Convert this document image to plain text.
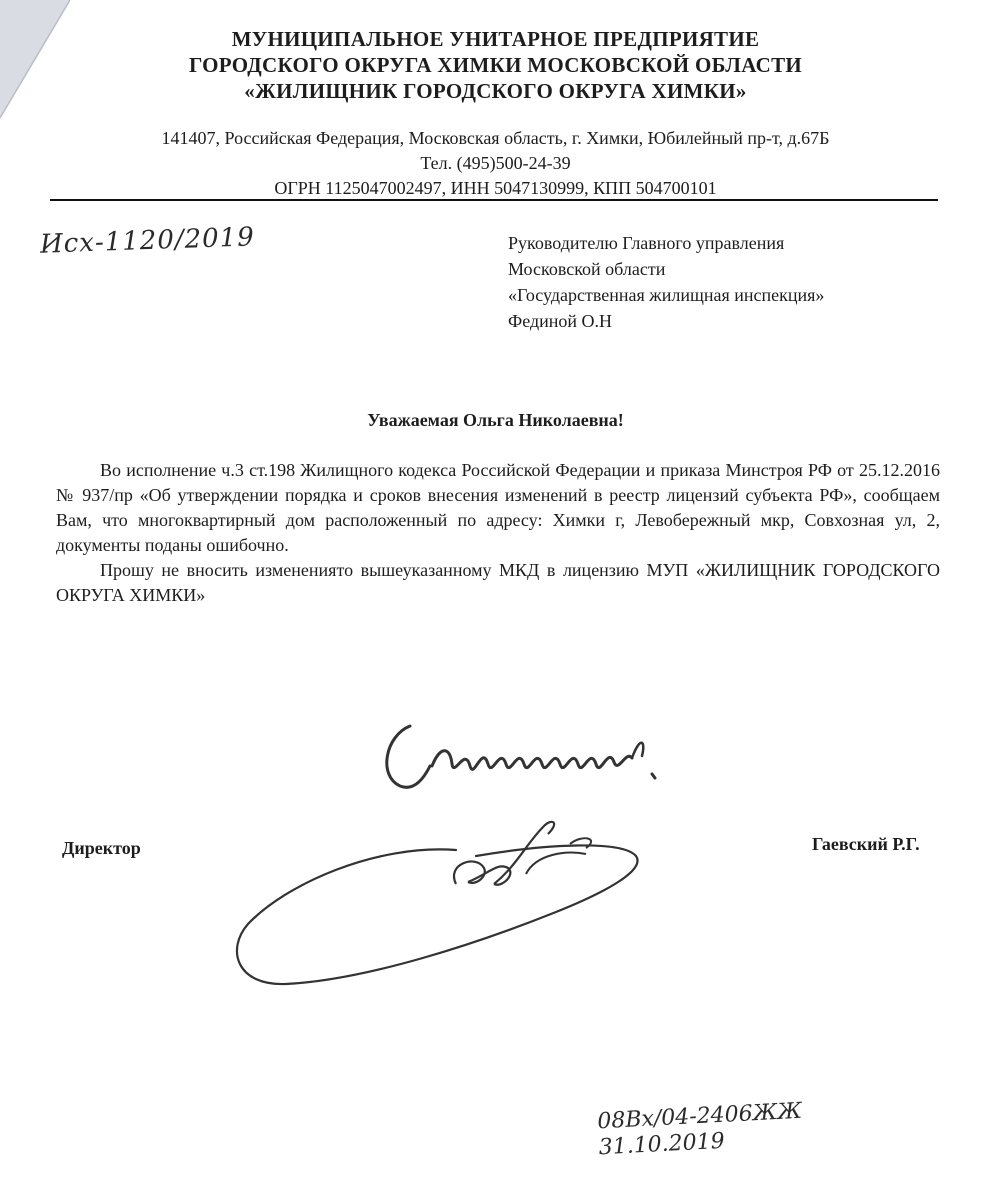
МУНИЦИПАЛЬНОЕ УНИТАРНОЕ ПРЕДПРИЯТИЕ
ГОРОДСКОГО ОКРУГА ХИМКИ МОСКОВСКОЙ ОБЛАСТИ
«ЖИЛИЩНИК ГОРОДСКОГО ОКРУГА ХИМКИ»
141407, Российская Федерация, Московская область, г. Химки, Юбилейный пр-т, д.67Б
Тел. (495)500-24-39
ОГРН 1125047002497, ИНН 5047130999, КПП 504700101
Исх-1120/2019	Руководителю Главного управления
Московской области
«Государственная жилищная инспекция»
Фединой О.Н
Уважаемая Ольга Николаевна!

Во исполнение ч.3 ст.198 Жилищного кодекса Российской Федерации и приказа Минстроя РФ от 25.12.2016 № 937/пр «Об утверждении порядка и сроков внесения изменений в реестр лицензий субъекта РФ», сообщаем Вам, что многоквартирный дом расположенный по адресу: Химки г, Левобережный мкр, Совхозная ул, 2, документы поданы ошибочно.

Прошу не вносить изменениято вышеуказанному МКД в лицензию МУП «ЖИЛИЩНИК ГОРОДСКОГО ОКРУГА ХИМКИ»

Директор	Гаевский Р.Г.
08Вх/04-2406ЖЖ
31.10.2019
